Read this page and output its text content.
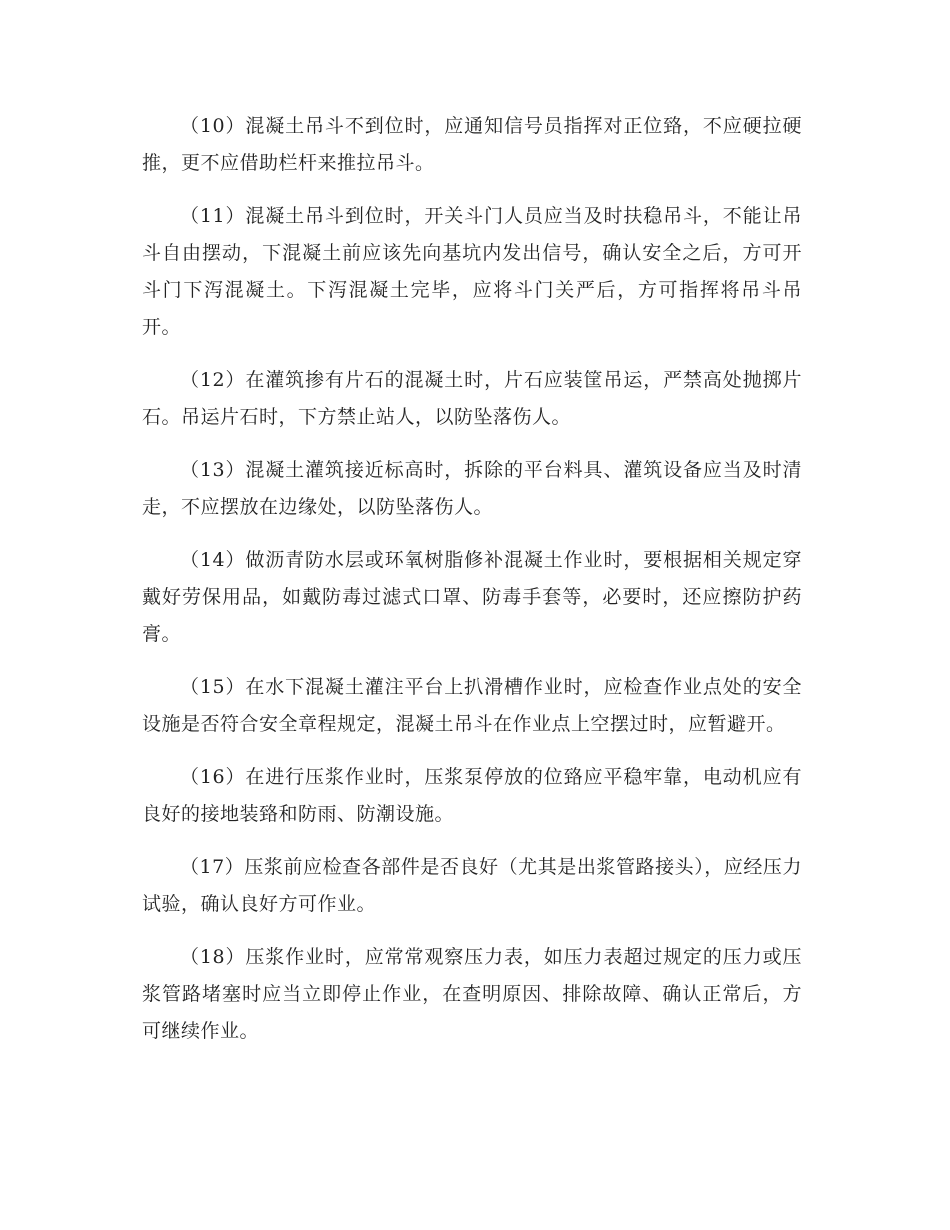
（10）混凝土吊斗不到位时，应通知信号员指挥对正位臵，不应硬拉硬推，更不应借助栏杆来推拉吊斗。

（11）混凝土吊斗到位时，开关斗门人员应当及时扶稳吊斗，不能让吊斗自由摆动，下混凝土前应该先向基坑内发出信号，确认安全之后，方可开斗门下泻混凝土。下泻混凝土完毕，应将斗门关严后，方可指挥将吊斗吊开。

（12）在灌筑掺有片石的混凝土时，片石应装筐吊运，严禁高处抛掷片石。吊运片石时，下方禁止站人，以防坠落伤人。

（13）混凝土灌筑接近标高时，拆除的平台料具、灌筑设备应当及时清走，不应摆放在边缘处，以防坠落伤人。

（14）做沥青防水层或环氧树脂修补混凝土作业时，要根据相关规定穿戴好劳保用品，如戴防毒过滤式口罩、防毒手套等，必要时，还应擦防护药膏。

（15）在水下混凝土灌注平台上扒滑槽作业时，应检查作业点处的安全设施是否符合安全章程规定，混凝土吊斗在作业点上空摆过时，应暂避开。

（16）在进行压浆作业时，压浆泵停放的位臵应平稳牢靠，电动机应有良好的接地装臵和防雨、防潮设施。

（17）压浆前应检查各部件是否良好（尤其是出浆管路接头），应经压力试验，确认良好方可作业。

（18）压浆作业时，应常常观察压力表，如压力表超过规定的压力或压浆管路堵塞时应当立即停止作业，在查明原因、排除故障、确认正常后，方可继续作业。
